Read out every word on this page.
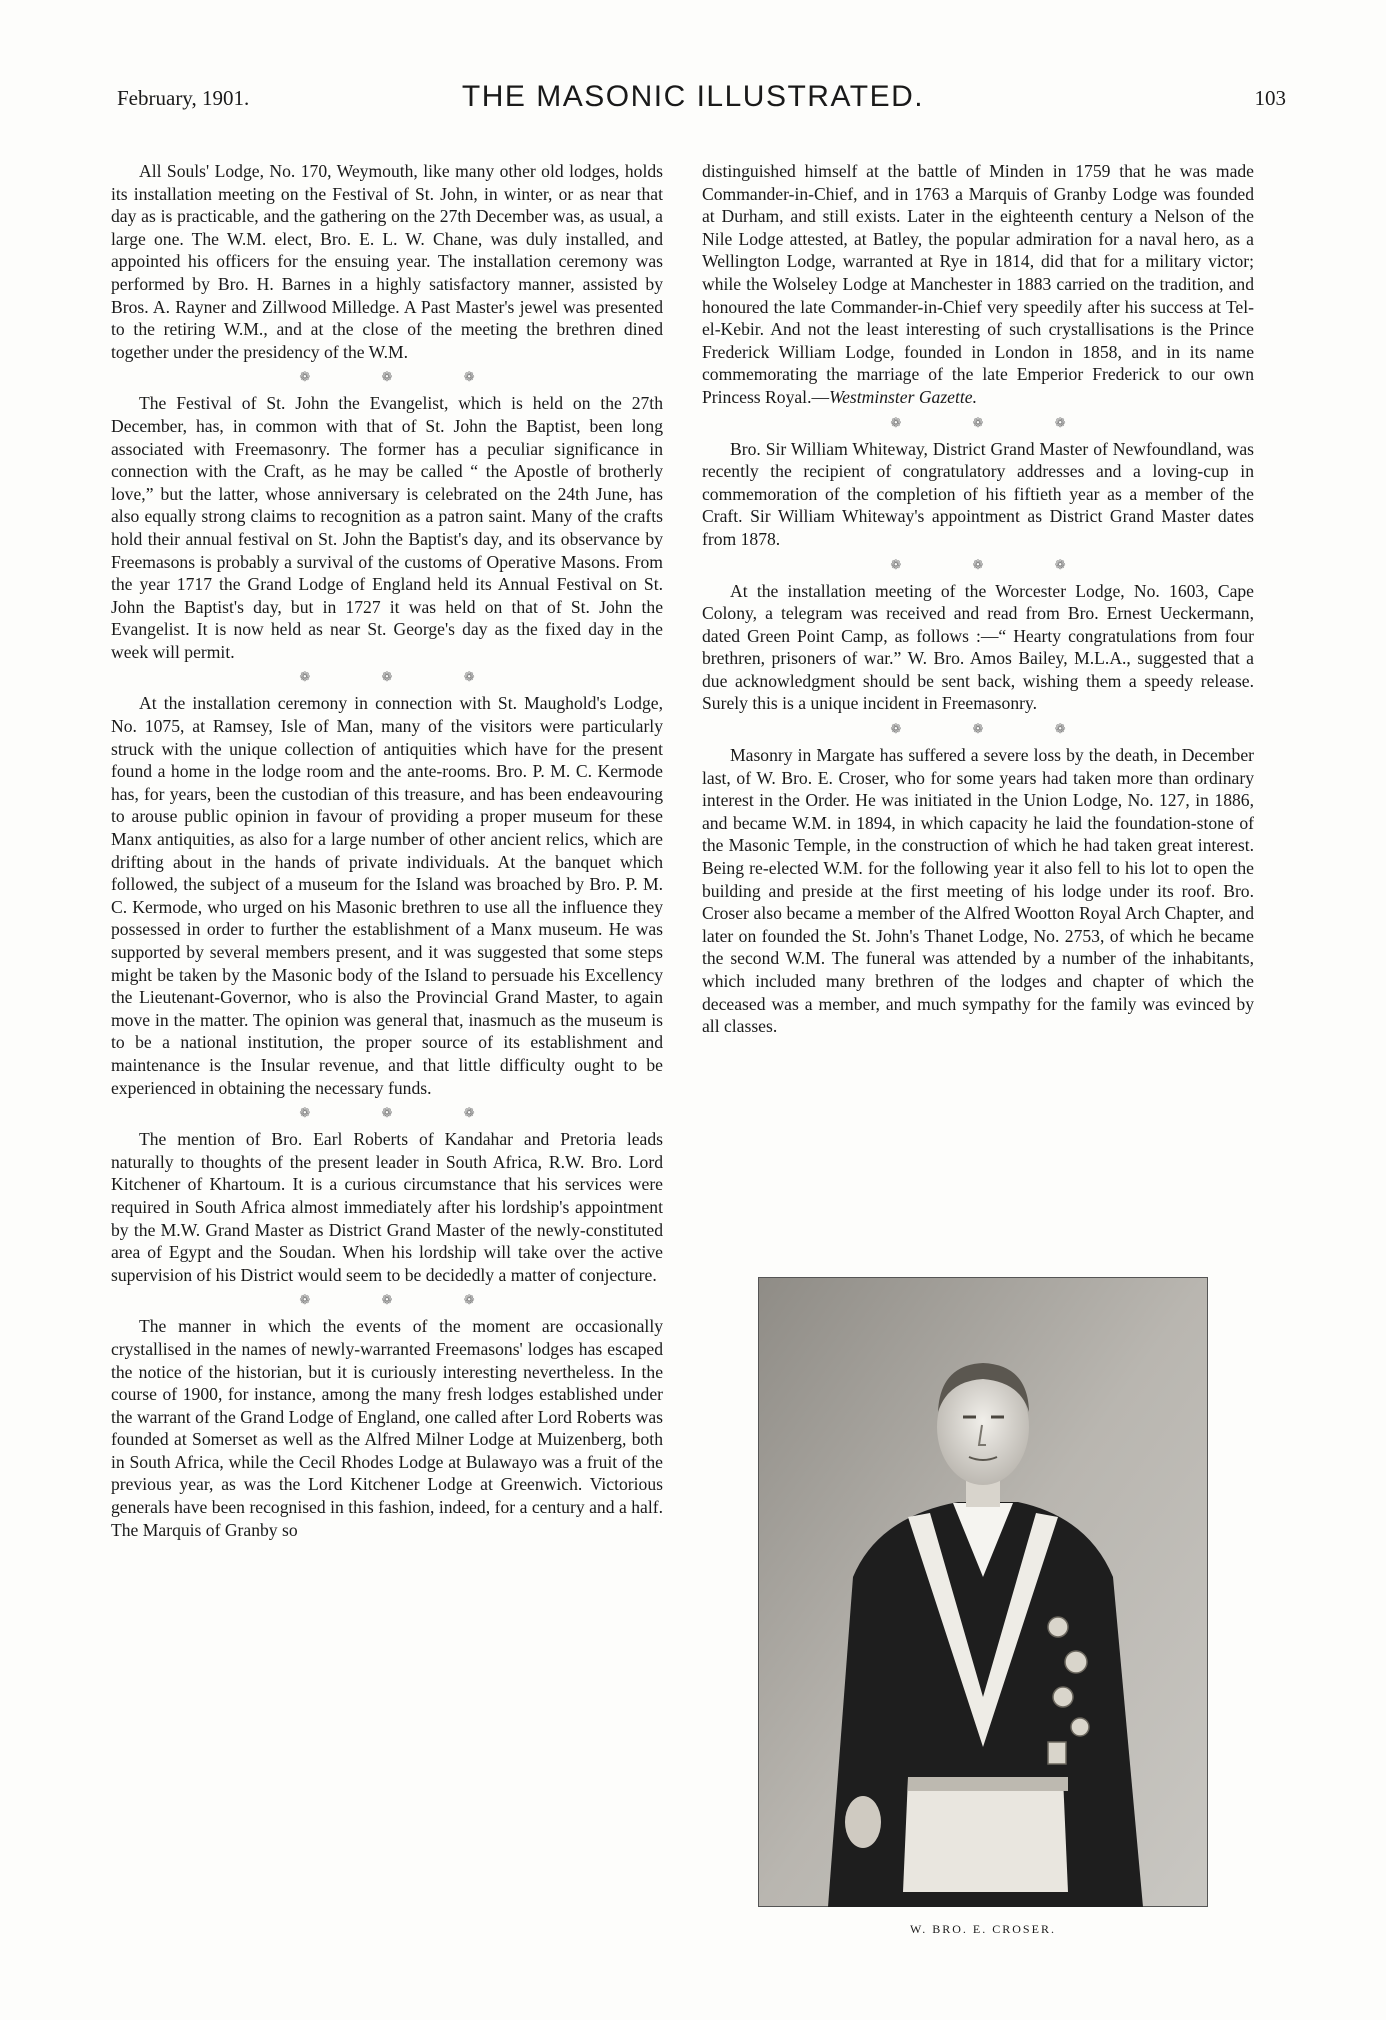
February, 1901.	THE MASONIC ILLUSTRATED.	103

All Souls' Lodge, No. 170, Weymouth, like many other old lodges, holds its installation meeting on the Festival of St. John, in winter, or as near that day as is practicable, and the gathering on the 27th December was, as usual, a large one. The W.M. elect, Bro. E. L. W. Chane, was duly installed, and appointed his officers for the ensuing year. The installation ceremony was performed by Bro. H. Barnes in a highly satisfactory manner, assisted by Bros. A. Rayner and Zillwood Milledge. A Past Master's jewel was presented to the retiring W.M., and at the close of the meeting the brethren dined together under the presidency of the W.M.

❁ ❁ ❁

The Festival of St. John the Evangelist, which is held on the 27th December, has, in common with that of St. John the Baptist, been long associated with Freemasonry. The former has a peculiar significance in connection with the Craft, as he may be called “ the Apostle of brotherly love,” but the latter, whose anniversary is celebrated on the 24th June, has also equally strong claims to recognition as a patron saint. Many of the crafts hold their annual festival on St. John the Baptist's day, and its observance by Freemasons is probably a survival of the customs of Operative Masons. From the year 1717 the Grand Lodge of England held its Annual Festival on St. John the Baptist's day, but in 1727 it was held on that of St. John the Evangelist. It is now held as near St. George's day as the fixed day in the week will permit.

❁ ❁ ❁

At the installation ceremony in connection with St. Maughold's Lodge, No. 1075, at Ramsey, Isle of Man, many of the visitors were particularly struck with the unique collection of antiquities which have for the present found a home in the lodge room and the ante-rooms. Bro. P. M. C. Kermode has, for years, been the custodian of this treasure, and has been endeavouring to arouse public opinion in favour of providing a proper museum for these Manx antiquities, as also for a large number of other ancient relics, which are drifting about in the hands of private individuals. At the banquet which followed, the subject of a museum for the Island was broached by Bro. P. M. C. Kermode, who urged on his Masonic brethren to use all the influence they possessed in order to further the establishment of a Manx museum. He was supported by several members present, and it was suggested that some steps might be taken by the Masonic body of the Island to persuade his Excellency the Lieutenant-Governor, who is also the Provincial Grand Master, to again move in the matter. The opinion was general that, inasmuch as the museum is to be a national institution, the proper source of its establishment and maintenance is the Insular revenue, and that little difficulty ought to be experienced in obtaining the necessary funds.

❁ ❁ ❁

The mention of Bro. Earl Roberts of Kandahar and Pretoria leads naturally to thoughts of the present leader in South Africa, R.W. Bro. Lord Kitchener of Khartoum. It is a curious circumstance that his services were required in South Africa almost immediately after his lordship's appointment by the M.W. Grand Master as District Grand Master of the newly-constituted area of Egypt and the Soudan. When his lordship will take over the active supervision of his District would seem to be decidedly a matter of conjecture.

❁ ❁ ❁

The manner in which the events of the moment are occasionally crystallised in the names of newly-warranted Freemasons' lodges has escaped the notice of the historian, but it is curiously interesting nevertheless. In the course of 1900, for instance, among the many fresh lodges established under the warrant of the Grand Lodge of England, one called after Lord Roberts was founded at Somerset as well as the Alfred Milner Lodge at Muizenberg, both in South Africa, while the Cecil Rhodes Lodge at Bulawayo was a fruit of the previous year, as was the Lord Kitchener Lodge at Greenwich. Victorious generals have been recognised in this fashion, indeed, for a century and a half. The Marquis of Granby so

distinguished himself at the battle of Minden in 1759 that he was made Commander-in-Chief, and in 1763 a Marquis of Granby Lodge was founded at Durham, and still exists. Later in the eighteenth century a Nelson of the Nile Lodge attested, at Batley, the popular admiration for a naval hero, as a Wellington Lodge, warranted at Rye in 1814, did that for a military victor; while the Wolseley Lodge at Manchester in 1883 carried on the tradition, and honoured the late Commander-in-Chief very speedily after his success at Tel-el-Kebir. And not the least interesting of such crystallisations is the Prince Frederick William Lodge, founded in London in 1858, and in its name commemorating the marriage of the late Emperior Frederick to our own Princess Royal.—Westminster Gazette.

❁ ❁ ❁

Bro. Sir William Whiteway, District Grand Master of Newfoundland, was recently the recipient of congratulatory addresses and a loving-cup in commemoration of the completion of his fiftieth year as a member of the Craft. Sir William Whiteway's appointment as District Grand Master dates from 1878.

❁ ❁ ❁

At the installation meeting of the Worcester Lodge, No. 1603, Cape Colony, a telegram was received and read from Bro. Ernest Ueckermann, dated Green Point Camp, as follows :—“ Hearty congratulations from four brethren, prisoners of war.” W. Bro. Amos Bailey, M.L.A., suggested that a due acknowledgment should be sent back, wishing them a speedy release. Surely this is a unique incident in Freemasonry.

❁ ❁ ❁

Masonry in Margate has suffered a severe loss by the death, in December last, of W. Bro. E. Croser, who for some years had taken more than ordinary interest in the Order. He was initiated in the Union Lodge, No. 127, in 1886, and became W.M. in 1894, in which capacity he laid the foundation-stone of the Masonic Temple, in the construction of which he had taken great interest. Being re-elected W.M. for the following year it also fell to his lot to open the building and preside at the first meeting of his lodge under its roof. Bro. Croser also became a member of the Alfred Wootton Royal Arch Chapter, and later on founded the St. John's Thanet Lodge, No. 2753, of which he became the second W.M. The funeral was attended by a number of the inhabitants, which included many brethren of the lodges and chapter of which the deceased was a member, and much sympathy for the family was evinced by all classes.

W. BRO. E. CROSER.
